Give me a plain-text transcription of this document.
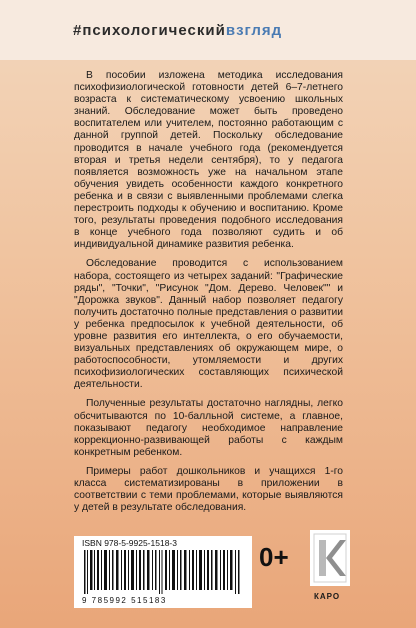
#психологическийвзгляд

В пособии изложена методика исследования психофизиологической готовности детей 6–7-летнего возраста к систематическому усвоению школьных знаний. Обследование может быть проведено воспитателем или учителем, постоянно работающим с данной группой детей. Поскольку обследование проводится в начале учебного года (рекомендуется вторая и третья недели сентября), то у педагога появляется возможность уже на начальном этапе обучения увидеть особенности каждого конкретного ребенка и в связи с выявленными проблемами слегка перестроить подходы к обучению и воспитанию. Кроме того, результаты проведения подобного исследования в конце учебного года позволяют судить и об индивидуальной динамике развития ребенка.

Обследование проводится с использованием набора, состоящего из четырех заданий: "Графические ряды", "Точки", "Рисунок "Дом. Дерево. Человек"" и "Дорожка звуков". Данный набор позволяет педагогу получить достаточно полные представления о развитии у ребенка предпосылок к учебной деятельности, об уровне развития его интеллекта, о его обучаемости, визуальных представлениях об окружающем мире, о работоспособности, утомляемости и других психофизиологических составляющих психической деятельности.

Полученные результаты достаточно наглядны, легко обсчитываются по 10-балльной системе, а главное, показывают педагогу необходимое направление коррекционно-развивающей работы с каждым конкретным ребенком.

Примеры работ дошкольников и учащихся 1-го класса систематизированы в приложении в соответствии с теми проблемами, которые выявляются у детей в результате обследования.

ISBN 978-5-9925-1518-3
9 785992 515183
0+
КАРО
